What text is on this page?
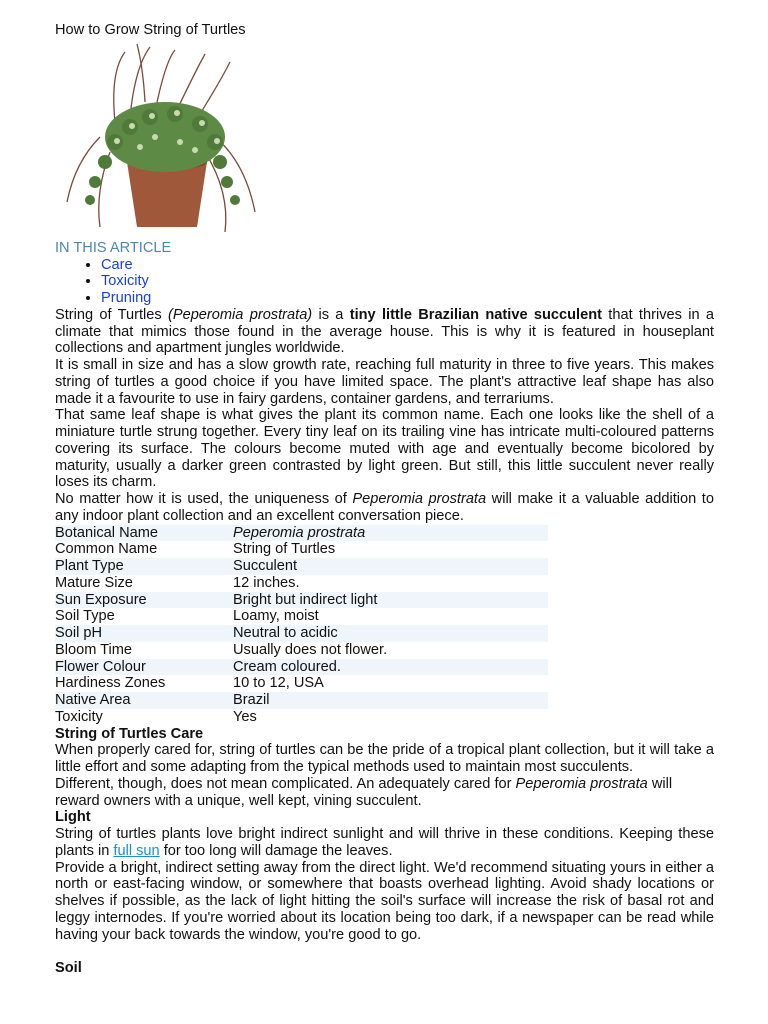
How to Grow String of Turtles
IN THIS ARTICLE
• Care
• Toxicity
• Pruning

String of Turtles (Peperomia prostrata) is a tiny little Brazilian native succulent that thrives in a climate that mimics those found in the average house. This is why it is featured in houseplant collections and apartment jungles worldwide.

It is small in size and has a slow growth rate, reaching full maturity in three to five years. This makes string of turtles a good choice if you have limited space. The plant's attractive leaf shape has also made it a favourite to use in fairy gardens, container gardens, and terrariums.

That same leaf shape is what gives the plant its common name. Each one looks like the shell of a miniature turtle strung together. Every tiny leaf on its trailing vine has intricate multi-coloured patterns covering its surface. The colours become muted with age and eventually become bicolored by maturity, usually a darker green contrasted by light green. But still, this little succulent never really loses its charm.

No matter how it is used, the uniqueness of Peperomia prostrata will make it a valuable addition to any indoor plant collection and an excellent conversation piece.

Botanical Name	Peperomia prostrata
Common Name	String of Turtles
Plant Type	Succulent
Mature Size	12 inches.
Sun Exposure	Bright but indirect light
Soil Type	Loamy, moist
Soil pH	Neutral to acidic
Bloom Time	Usually does not flower.
Flower Colour	Cream coloured.
Hardiness Zones	10 to 12, USA
Native Area	Brazil
Toxicity	Yes
String of Turtles Care

When properly cared for, string of turtles can be the pride of a tropical plant collection, but it will take a little effort and some adapting from the typical methods used to maintain most succulents.

Different, though, does not mean complicated. An adequately cared for Peperomia prostrata will reward owners with a unique, well kept, vining succulent.

Light

String of turtles plants love bright indirect sunlight and will thrive in these conditions. Keeping these plants in full sun for too long will damage the leaves.

Provide a bright, indirect setting away from the direct light. We'd recommend situating yours in either a north or east-facing window, or somewhere that boasts overhead lighting. Avoid shady locations or shelves if possible, as the lack of light hitting the soil's surface will increase the risk of basal rot and leggy internodes. If you're worried about its location being too dark, if a newspaper can be read while having your back towards the window, you're good to go.

Soil
